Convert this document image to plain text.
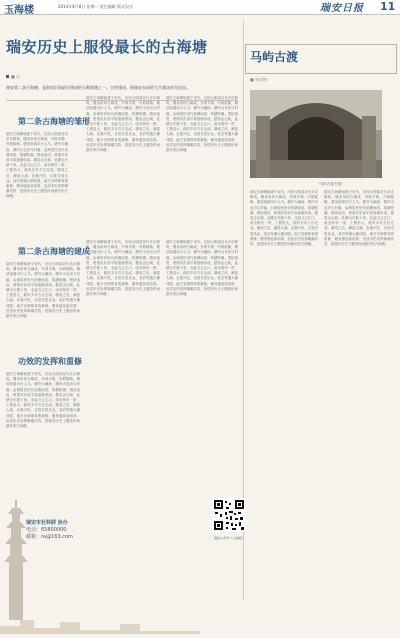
玉海楼	2014年8月8日 星期一 责任编辑 版式设计	瑞安日报 11
瑞安历史上服役最长的古海塘
■ 吴
瑞安第二条古海塘，是浙南沿海最早建成的石砌海塘之一。它的建成，使瑞安东部的大片滩涂成为良田。
第二条古海塘的雏形
瑞安古海塘始建于宋代，历经元明清各代多次修筑，塘身用块石砌成，外坡平缓，内坡陡峭，塘顶宽阔可行人马。塘外为潮涂，塘内为农田与村落，沿海居民世代依塘而居，筑塘防潮，围涂造田，使瑞安东部平原逐渐形成。据县志记载，此塘全长数十里，北起飞云江口，南至海安一带，工程浩大，耗时多年方告完成。塘成之后，潮患大减，农桑兴旺，百姓安居乐业。其后每遇大潮冲毁，地方官绅即募资重修，塘身屡加高培厚，至清末仍发挥御潮功效，是瑞安历史上服役时间最长的古海塘。
瑞安古海塘始建于宋代，历经元明清各代多次修筑，塘身用块石砌成，外坡平缓，内坡陡峭，塘顶宽阔可行人马。塘外为潮涂，塘内为农田与村落，沿海居民世代依塘而居，筑塘防潮，围涂造田，使瑞安东部平原逐渐形成。据县志记载，此塘全长数十里，北起飞云江口，南至海安一带，工程浩大，耗时多年方告完成。塘成之后，潮患大减，农桑兴旺，百姓安居乐业。其后每遇大潮冲毁，地方官绅即募资重修，塘身屡加高培厚，至清末仍发挥御潮功效，是瑞安历史上服役时间最长的古海塘。
瑞安古海塘始建于宋代，历经元明清各代多次修筑，塘身用块石砌成，外坡平缓，内坡陡峭，塘顶宽阔可行人马。塘外为潮涂，塘内为农田与村落，沿海居民世代依塘而居，筑塘防潮，围涂造田，使瑞安东部平原逐渐形成。据县志记载，此塘全长数十里，北起飞云江口，南至海安一带，工程浩大，耗时多年方告完成。塘成之后，潮患大减，农桑兴旺，百姓安居乐业。其后每遇大潮冲毁，地方官绅即募资重修，塘身屡加高培厚，至清末仍发挥御潮功效，是瑞安历史上服役时间最长的古海塘。
第二条古海塘的建成
瑞安古海塘始建于宋代，历经元明清各代多次修筑，塘身用块石砌成，外坡平缓，内坡陡峭，塘顶宽阔可行人马。塘外为潮涂，塘内为农田与村落，沿海居民世代依塘而居，筑塘防潮，围涂造田，使瑞安东部平原逐渐形成。据县志记载，此塘全长数十里，北起飞云江口，南至海安一带，工程浩大，耗时多年方告完成。塘成之后，潮患大减，农桑兴旺，百姓安居乐业。其后每遇大潮冲毁，地方官绅即募资重修，塘身屡加高培厚，至清末仍发挥御潮功效，是瑞安历史上服役时间最长的古海塘。
功效的发挥和重修
瑞安古海塘始建于宋代，历经元明清各代多次修筑，塘身用块石砌成，外坡平缓，内坡陡峭，塘顶宽阔可行人马。塘外为潮涂，塘内为农田与村落，沿海居民世代依塘而居，筑塘防潮，围涂造田，使瑞安东部平原逐渐形成。据县志记载，此塘全长数十里，北起飞云江口，南至海安一带，工程浩大，耗时多年方告完成。塘成之后，潮患大减，农桑兴旺，百姓安居乐业。其后每遇大潮冲毁，地方官绅即募资重修，塘身屡加高培厚，至清末仍发挥御潮功效，是瑞安历史上服役时间最长的古海塘。
瑞安古海塘始建于宋代，历经元明清各代多次修筑，塘身用块石砌成，外坡平缓，内坡陡峭，塘顶宽阔可行人马。塘外为潮涂，塘内为农田与村落，沿海居民世代依塘而居，筑塘防潮，围涂造田，使瑞安东部平原逐渐形成。据县志记载，此塘全长数十里，北起飞云江口，南至海安一带，工程浩大，耗时多年方告完成。塘成之后，潮患大减，农桑兴旺，百姓安居乐业。其后每遇大潮冲毁，地方官绅即募资重修，塘身屡加高培厚，至清末仍发挥御潮功效，是瑞安历史上服役时间最长的古海塘。
瑞安古海塘始建于宋代，历经元明清各代多次修筑，塘身用块石砌成，外坡平缓，内坡陡峭，塘顶宽阔可行人马。塘外为潮涂，塘内为农田与村落，沿海居民世代依塘而居，筑塘防潮，围涂造田，使瑞安东部平原逐渐形成。据县志记载，此塘全长数十里，北起飞云江口，南至海安一带，工程浩大，耗时多年方告完成。塘成之后，潮患大减，农桑兴旺，百姓安居乐业。其后每遇大潮冲毁，地方官绅即募资重修，塘身屡加高培厚，至清末仍发挥御潮功效，是瑞安历史上服役时间最长的古海塘。
马屿古渡
■ 林成锡
"马屿古渡"旧影
瑞安古海塘始建于宋代，历经元明清各代多次修筑，塘身用块石砌成，外坡平缓，内坡陡峭，塘顶宽阔可行人马。塘外为潮涂，塘内为农田与村落，沿海居民世代依塘而居，筑塘防潮，围涂造田，使瑞安东部平原逐渐形成。据县志记载，此塘全长数十里，北起飞云江口，南至海安一带，工程浩大，耗时多年方告完成。塘成之后，潮患大减，农桑兴旺，百姓安居乐业。其后每遇大潮冲毁，地方官绅即募资重修，塘身屡加高培厚，至清末仍发挥御潮功效，是瑞安历史上服役时间最长的古海塘。
瑞安古海塘始建于宋代，历经元明清各代多次修筑，塘身用块石砌成，外坡平缓，内坡陡峭，塘顶宽阔可行人马。塘外为潮涂，塘内为农田与村落，沿海居民世代依塘而居，筑塘防潮，围涂造田，使瑞安东部平原逐渐形成。据县志记载，此塘全长数十里，北起飞云江口，南至海安一带，工程浩大，耗时多年方告完成。塘成之后，潮患大减，农桑兴旺，百姓安居乐业。其后每遇大潮冲毁，地方官绅即募资重修，塘身屡加高培厚，至清末仍发挥御潮功效，是瑞安历史上服役时间最长的古海塘。
瑞安市社科联 协办
电话：65800000
邮箱：ra@163.com	微信公众号"人文瑞安"
